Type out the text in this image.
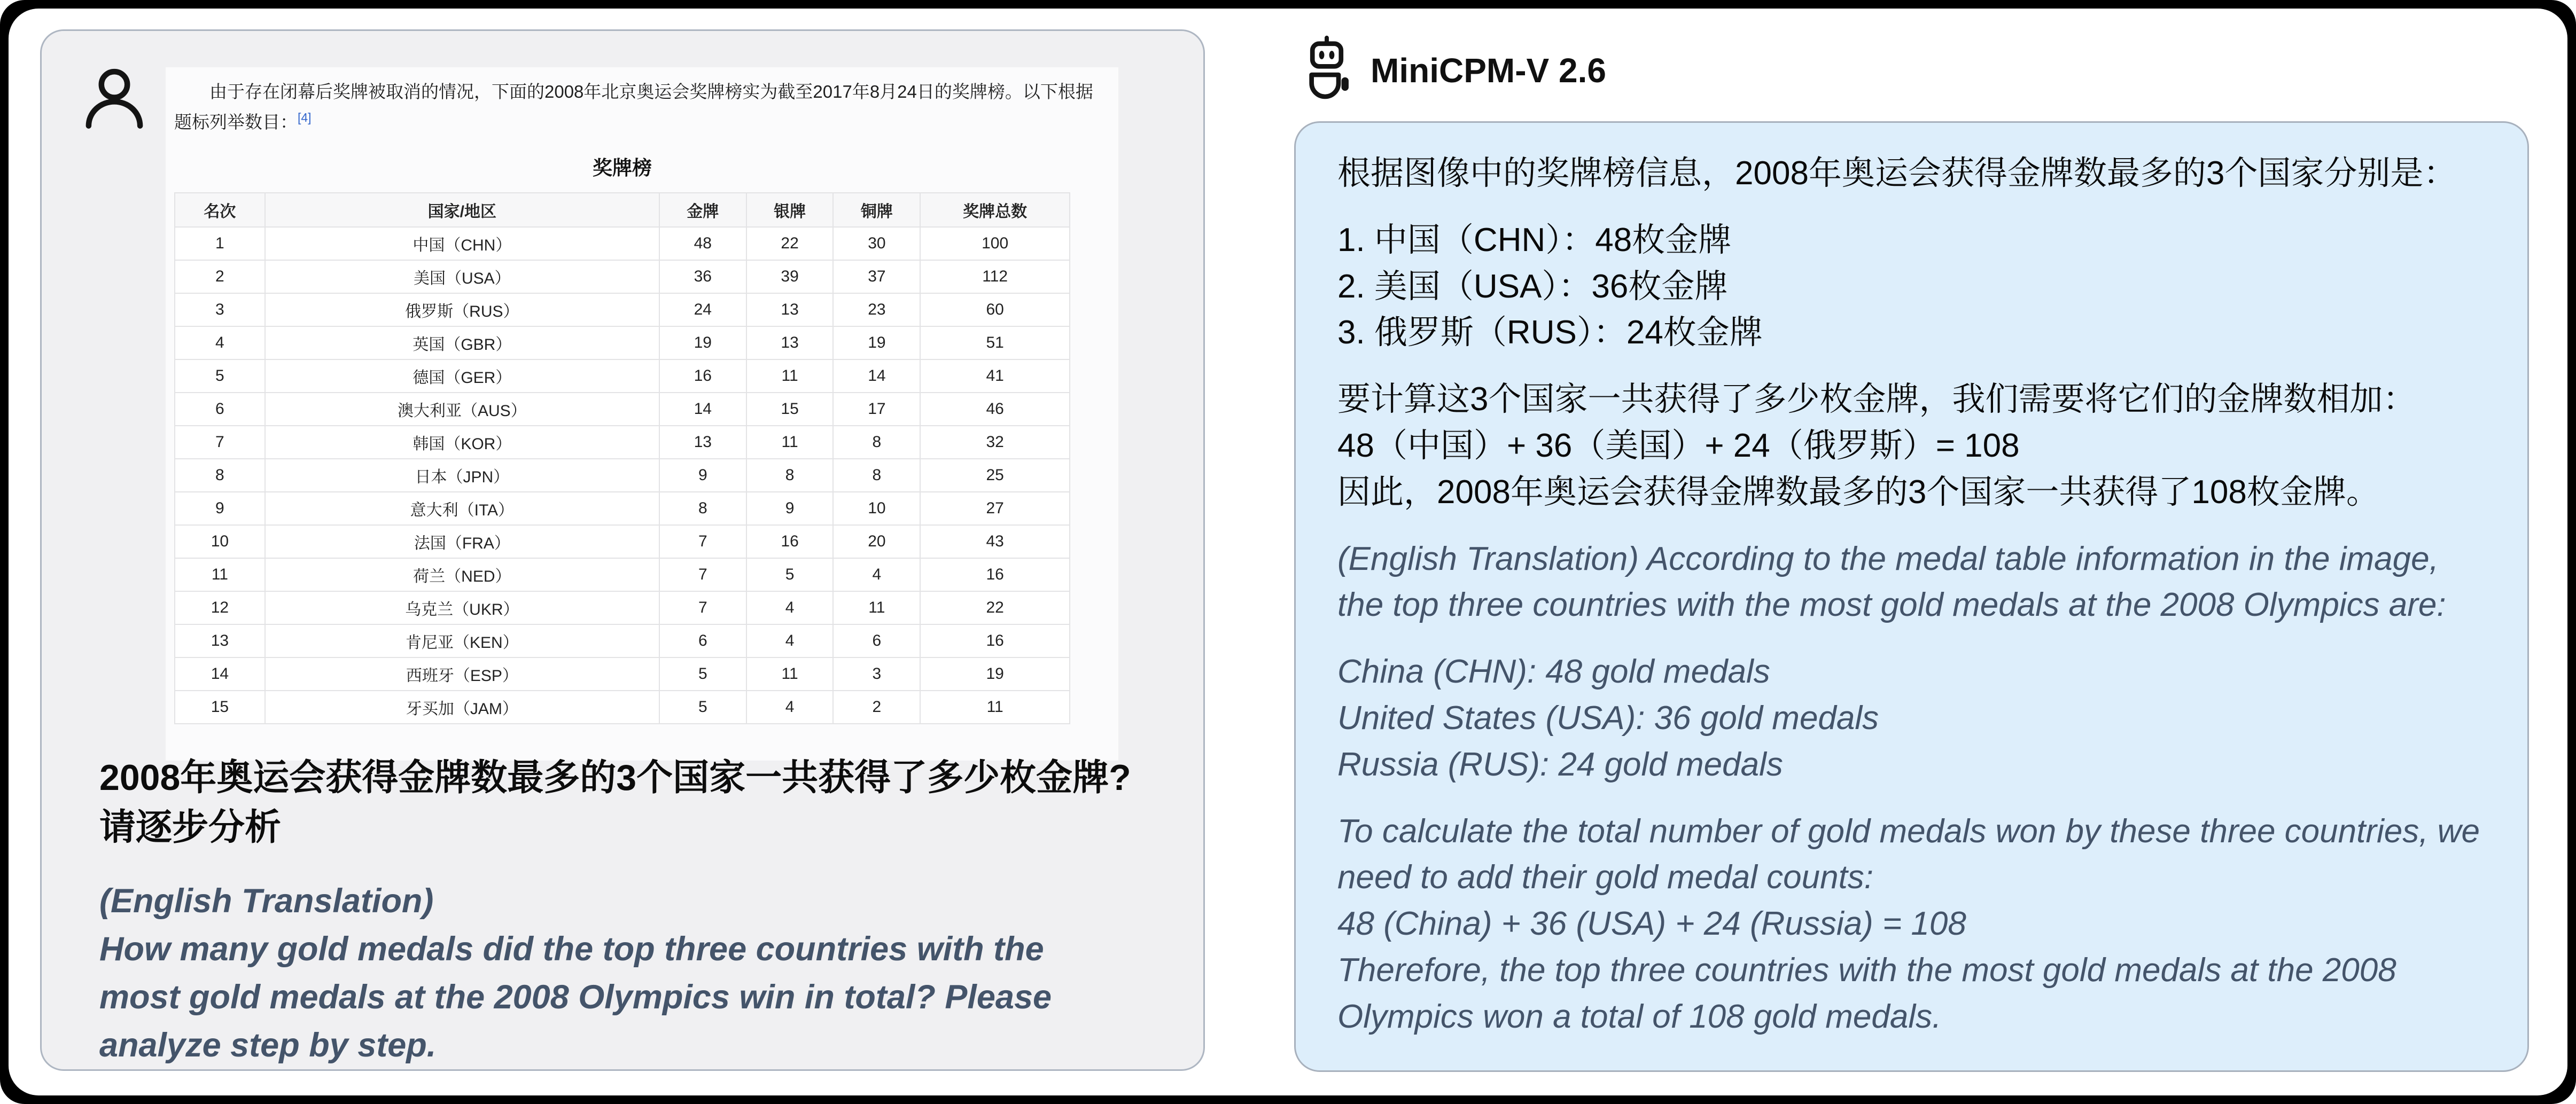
由于存在闭幕后奖牌被取消的情况，下面的2008年北京奥运会奖牌榜实为截至2017年8月24日的奖牌榜。以下根据题标列举数目：[4]

奖牌榜
名次	国家/地区	金牌	银牌	铜牌	奖牌总数
1	中国（CHN）	48	22	30	100
2	美国（USA）	36	39	37	112
3	俄罗斯（RUS）	24	13	23	60
4	英国（GBR）	19	13	19	51
5	德国（GER）	16	11	14	41
6	澳大利亚（AUS）	14	15	17	46
7	韩国（KOR）	13	11	8	32
8	日本（JPN）	9	8	8	25
9	意大利（ITA）	8	9	10	27
10	法国（FRA）	7	16	20	43
11	荷兰（NED）	7	5	4	16
12	乌克兰（UKR）	7	4	11	22
13	肯尼亚（KEN）	6	4	6	16
14	西班牙（ESP）	5	11	3	19
15	牙买加（JAM）	5	4	2	11
2008年奥运会获得金牌数最多的3个国家一共获得了多少枚金牌?
请逐步分析
(English Translation)
How many gold medals did the top three countries with the
most gold medals at the 2008 Olympics win in total? Please
analyze step by step.
MiniCPM-V 2.6

根据图像中的奖牌榜信息，2008年奥运会获得金牌数最多的3个国家分别是：

1. 中国（CHN）：48枚金牌
2. 美国（USA）：36枚金牌
3. 俄罗斯（RUS）：24枚金牌

要计算这3个国家一共获得了多少枚金牌，我们需要将它们的金牌数相加：
48（中国）+ 36（美国）+ 24（俄罗斯）= 108
因此，2008年奥运会获得金牌数最多的3个国家一共获得了108枚金牌。

(English Translation) According to the medal table information in the image,
the top three countries with the most gold medals at the 2008 Olympics are:

China (CHN): 48 gold medals
United States (USA): 36 gold medals
Russia (RUS): 24 gold medals

To calculate the total number of gold medals won by these three countries, we
need to add their gold medal counts:
48 (China) + 36 (USA) + 24 (Russia) = 108
Therefore, the top three countries with the most gold medals at the 2008
Olympics won a total of 108 gold medals.
